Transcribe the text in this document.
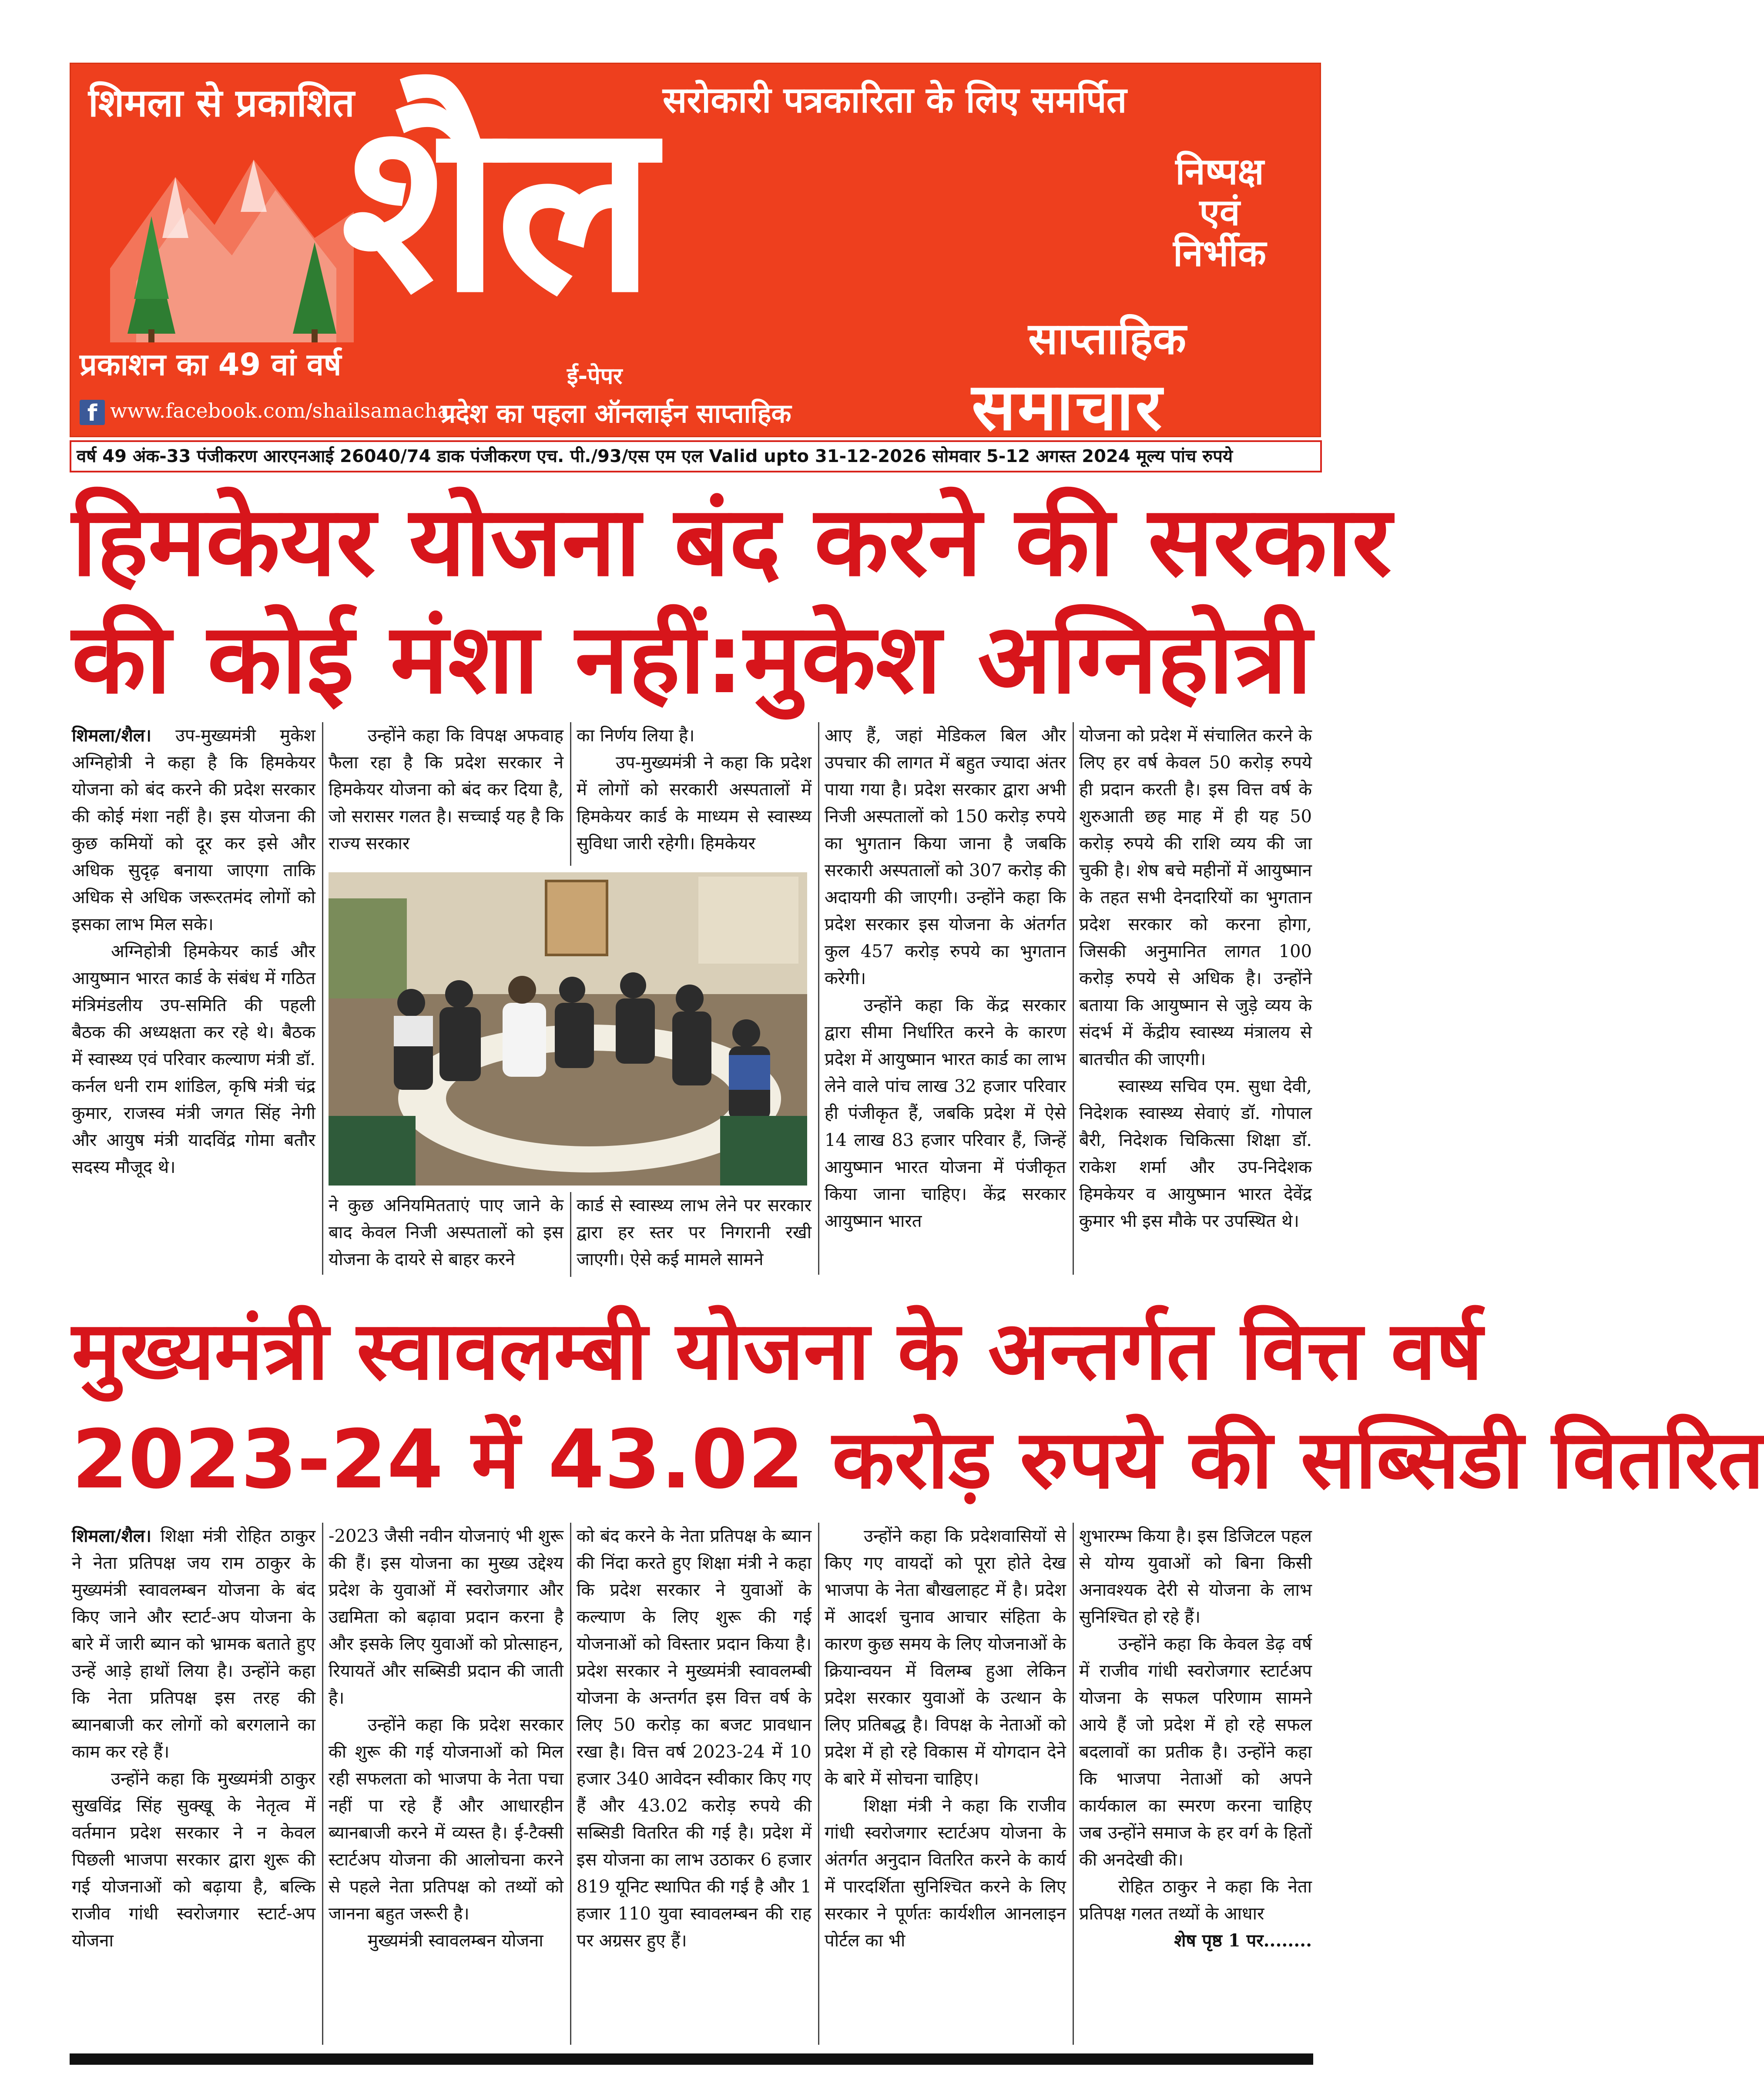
शिमला से प्रकाशित	सरोकारी पत्रकारिता के लिए समर्पित
शैल	निष्पक्ष
एवं
निर्भीक
साप्ताहिक
समाचार
प्रकाशन का 49 वां वर्ष	ई-पेपर
प्रदेश का पहला ऑनलाईन साप्ताहिक
f www.facebook.com/shailsamachar
वर्ष 49 अंक-33 पंजीकरण आरएनआई 26040/74 डाक पंजीकरण एच. पी./93/एस एम एल Valid upto 31-12-2026 सोमवार 5-12 अगस्त 2024 मूल्य पांच रुपये
हिमकेयर योजना बंद करने की सरकार
की कोई मंशा नहीं:मुकेश अग्निहोत्री

शिमला/शैल। उप-मुख्यमंत्री मुकेश अग्निहोत्री ने कहा है कि हिमकेयर योजना को बंद करने की प्रदेश सरकार की कोई मंशा नहीं है। इस योजना की कुछ कमियों को दूर कर इसे और अधिक सुदृढ़ बनाया जाएगा ताकि अधिक से अधिक जरूरतमंद लोगों को इसका लाभ मिल सके।

अग्निहोत्री हिमकेयर कार्ड और आयुष्मान भारत कार्ड के संबंध में गठित मंत्रिमंडलीय उप-समिति की पहली बैठक की अध्यक्षता कर रहे थे। बैठक में स्वास्थ्य एवं परिवार कल्याण मंत्री डॉ. कर्नल धनी राम शांडिल, कृषि मंत्री चंद्र कुमार, राजस्व मंत्री जगत सिंह नेगी और आयुष मंत्री यादविंद्र गोमा बतौर सदस्य मौजूद थे।

उन्होंने कहा कि विपक्ष अफवाह फैला रहा है कि प्रदेश सरकार ने हिमकेयर योजना को बंद कर दिया है, जो सरासर गलत है। सच्चाई यह है कि राज्य सरकार

का निर्णय लिया है।

उप-मुख्यमंत्री ने कहा कि प्रदेश में लोगों को सरकारी अस्पतालों में हिमकेयर कार्ड के माध्यम से स्वास्थ्य सुविधा जारी रहेगी। हिमकेयर

ने कुछ अनियमितताएं पाए जाने के बाद केवल निजी अस्पतालों को इस योजना के दायरे से बाहर करने

कार्ड से स्वास्थ्य लाभ लेने पर सरकार द्वारा हर स्तर पर निगरानी रखी जाएगी। ऐसे कई मामले सामने

आए हैं, जहां मेडिकल बिल और उपचार की लागत में बहुत ज्यादा अंतर पाया गया है। प्रदेश सरकार द्वारा अभी निजी अस्पतालों को 150 करोड़ रुपये का भुगतान किया जाना है जबकि सरकारी अस्पतालों को 307 करोड़ की अदायगी की जाएगी। उन्होंने कहा कि प्रदेश सरकार इस योजना के अंतर्गत कुल 457 करोड़ रुपये का भुगतान करेगी।

उन्होंने कहा कि केंद्र सरकार द्वारा सीमा निर्धारित करने के कारण प्रदेश में आयुष्मान भारत कार्ड का लाभ लेने वाले पांच लाख 32 हजार परिवार ही पंजीकृत हैं, जबकि प्रदेश में ऐसे 14 लाख 83 हजार परिवार हैं, जिन्हें आयुष्मान भारत योजना में पंजीकृत किया जाना चाहिए। केंद्र सरकार आयुष्मान भारत

योजना को प्रदेश में संचालित करने के लिए हर वर्ष केवल 50 करोड़ रुपये ही प्रदान करती है। इस वित्त वर्ष के शुरुआती छह माह में ही यह 50 करोड़ रुपये की राशि व्यय की जा चुकी है। शेष बचे महीनों में आयुष्मान के तहत सभी देनदारियों का भुगतान प्रदेश सरकार को करना होगा, जिसकी अनुमानित लागत 100 करोड़ रुपये से अधिक है। उन्होंने बताया कि आयुष्मान से जुड़े व्यय के संदर्भ में केंद्रीय स्वास्थ्य मंत्रालय से बातचीत की जाएगी।

स्वास्थ्य सचिव एम. सुधा देवी, निदेशक स्वास्थ्य सेवाएं डॉ. गोपाल बैरी, निदेशक चिकित्सा शिक्षा डॉ. राकेश शर्मा और उप-निदेशक हिमकेयर व आयुष्मान भारत देवेंद्र कुमार भी इस मौके पर उपस्थित थे।

मुख्यमंत्री स्वावलम्बी योजना के अन्तर्गत वित्त वर्ष
2023-24 में 43.02 करोड़ रुपये की सब्सिडी वितरित

शिमला/शैल। शिक्षा मंत्री रोहित ठाकुर ने नेता प्रतिपक्ष जय राम ठाकुर के मुख्यमंत्री स्वावलम्बन योजना के बंद किए जाने और स्टार्ट-अप योजना के बारे में जारी ब्यान को भ्रामक बताते हुए उन्हें आड़े हाथों लिया है। उन्होंने कहा कि नेता प्रतिपक्ष इस तरह की ब्यानबाजी कर लोगों को बरगलाने का काम कर रहे हैं।

उन्होंने कहा कि मुख्यमंत्री ठाकुर सुखविंद्र सिंह सुक्खू के नेतृत्व में वर्तमान प्रदेश सरकार ने न केवल पिछली भाजपा सरकार द्वारा शुरू की गई योजनाओं को बढ़ाया है, बल्कि राजीव गांधी स्वरोजगार स्टार्ट-अप योजना

-2023 जैसी नवीन योजनाएं भी शुरू की हैं। इस योजना का मुख्य उद्देश्य प्रदेश के युवाओं में स्वरोजगार और उद्यमिता को बढ़ावा प्रदान करना है और इसके लिए युवाओं को प्रोत्साहन, रियायतें और सब्सिडी प्रदान की जाती है।

उन्होंने कहा कि प्रदेश सरकार की शुरू की गई योजनाओं को मिल रही सफलता को भाजपा के नेता पचा नहीं पा रहे हैं और आधारहीन ब्यानबाजी करने में व्यस्त है। ई-टैक्सी स्टार्टअप योजना की आलोचना करने से पहले नेता प्रतिपक्ष को तथ्यों को जानना बहुत जरूरी है।

मुख्यमंत्री स्वावलम्बन योजना

को बंद करने के नेता प्रतिपक्ष के ब्यान की निंदा करते हुए शिक्षा मंत्री ने कहा कि प्रदेश सरकार ने युवाओं के कल्याण के लिए शुरू की गई योजनाओं को विस्तार प्रदान किया है। प्रदेश सरकार ने मुख्यमंत्री स्वावलम्बी योजना के अन्तर्गत इस वित्त वर्ष के लिए 50 करोड़ का बजट प्रावधान रखा है। वित्त वर्ष 2023-24 में 10 हजार 340 आवेदन स्वीकार किए गए हैं और 43.02 करोड़ रुपये की सब्सिडी वितरित की गई है। प्रदेश में इस योजना का लाभ उठाकर 6 हजार 819 यूनिट स्थापित की गई है और 1 हजार 110 युवा स्वावलम्बन की राह पर अग्रसर हुए हैं।

उन्होंने कहा कि प्रदेशवासियों से किए गए वायदों को पूरा होते देख भाजपा के नेता बौखलाहट में है। प्रदेश में आदर्श चुनाव आचार संहिता के कारण कुछ समय के लिए योजनाओं के क्रियान्वयन में विलम्ब हुआ लेकिन प्रदेश सरकार युवाओं के उत्थान के लिए प्रतिबद्ध है। विपक्ष के नेताओं को प्रदेश में हो रहे विकास में योगदान देने के बारे में सोचना चाहिए।

शिक्षा मंत्री ने कहा कि राजीव गांधी स्वरोजगार स्टार्टअप योजना के अंतर्गत अनुदान वितरित करने के कार्य में पारदर्शिता सुनिश्चित करने के लिए सरकार ने पूर्णतः कार्यशील आनलाइन पोर्टल का भी

शुभारम्भ किया है। इस डिजिटल पहल से योग्य युवाओं को बिना किसी अनावश्यक देरी से योजना के लाभ सुनिश्चित हो रहे हैं।

उन्होंने कहा कि केवल डेढ़ वर्ष में राजीव गांधी स्वरोजगार स्टार्टअप योजना के सफल परिणाम सामने आये हैं जो प्रदेश में हो रहे सफल बदलावों का प्रतीक है। उन्होंने कहा कि भाजपा नेताओं को अपने कार्यकाल का स्मरण करना चाहिए जब उन्होंने समाज के हर वर्ग के हितों की अनदेखी की।

रोहित ठाकुर ने कहा कि नेता प्रतिपक्ष गलत तथ्यों के आधार

शेष पृष्ठ 1 पर........
